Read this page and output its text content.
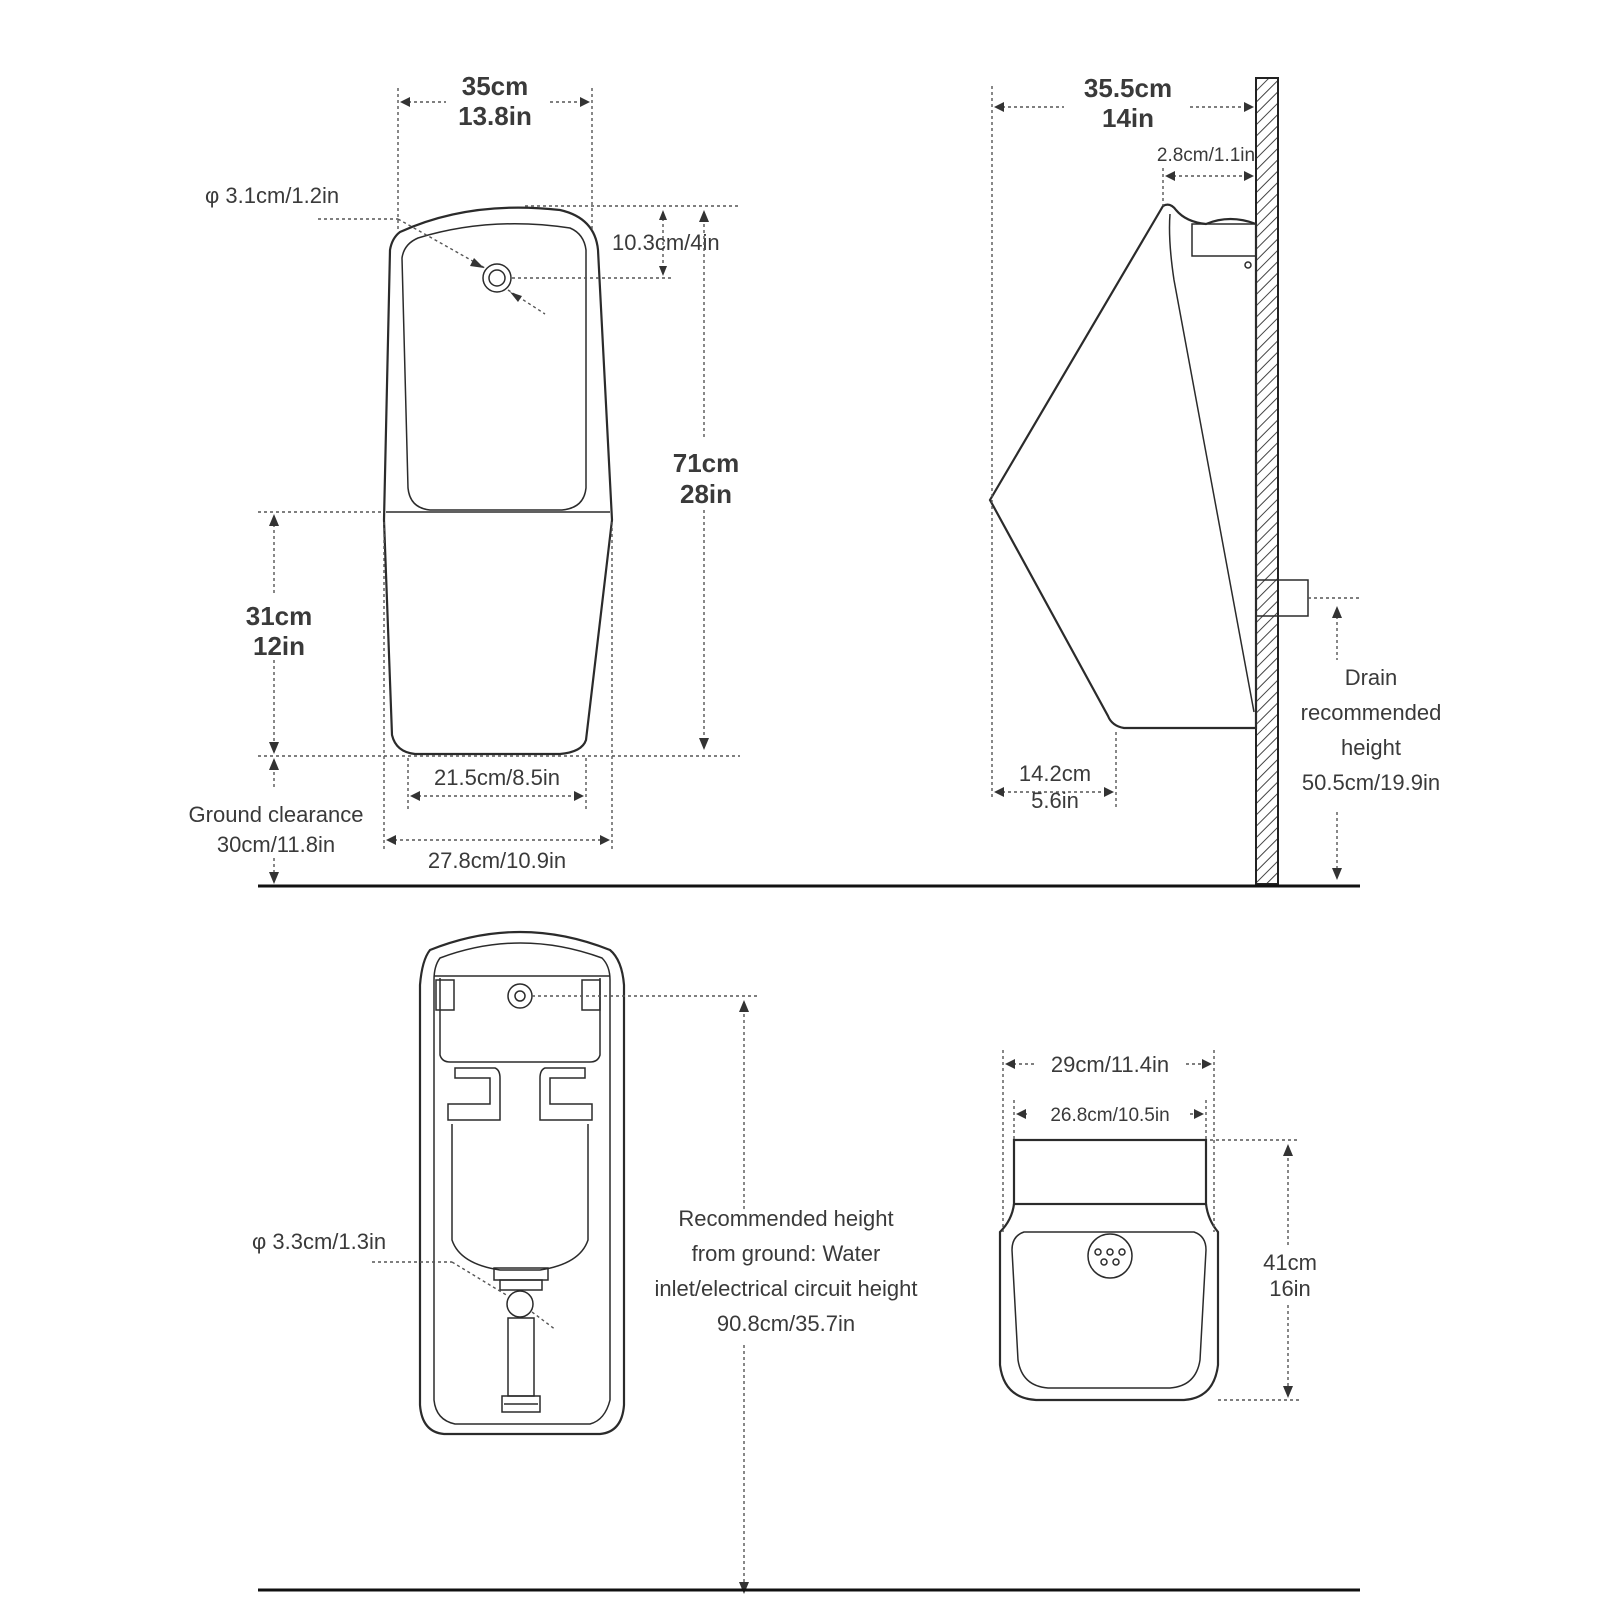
35cm
13.8in
φ 3.1cm/1.2in
10.3cm/4in
71cm
28in
31cm
12in
21.5cm/8.5in
27.8cm/10.9in
Ground clearance
30cm/11.8in
35.5cm
14in
2.8cm/1.1in
14.2cm
5.6in
Drain
recommended
height
50.5cm/19.9in
φ 3.3cm/1.3in
Recommended height
from ground: Water
inlet/electrical circuit height
90.8cm/35.7in
29cm/11.4in
26.8cm/10.5in
41cm
16in
